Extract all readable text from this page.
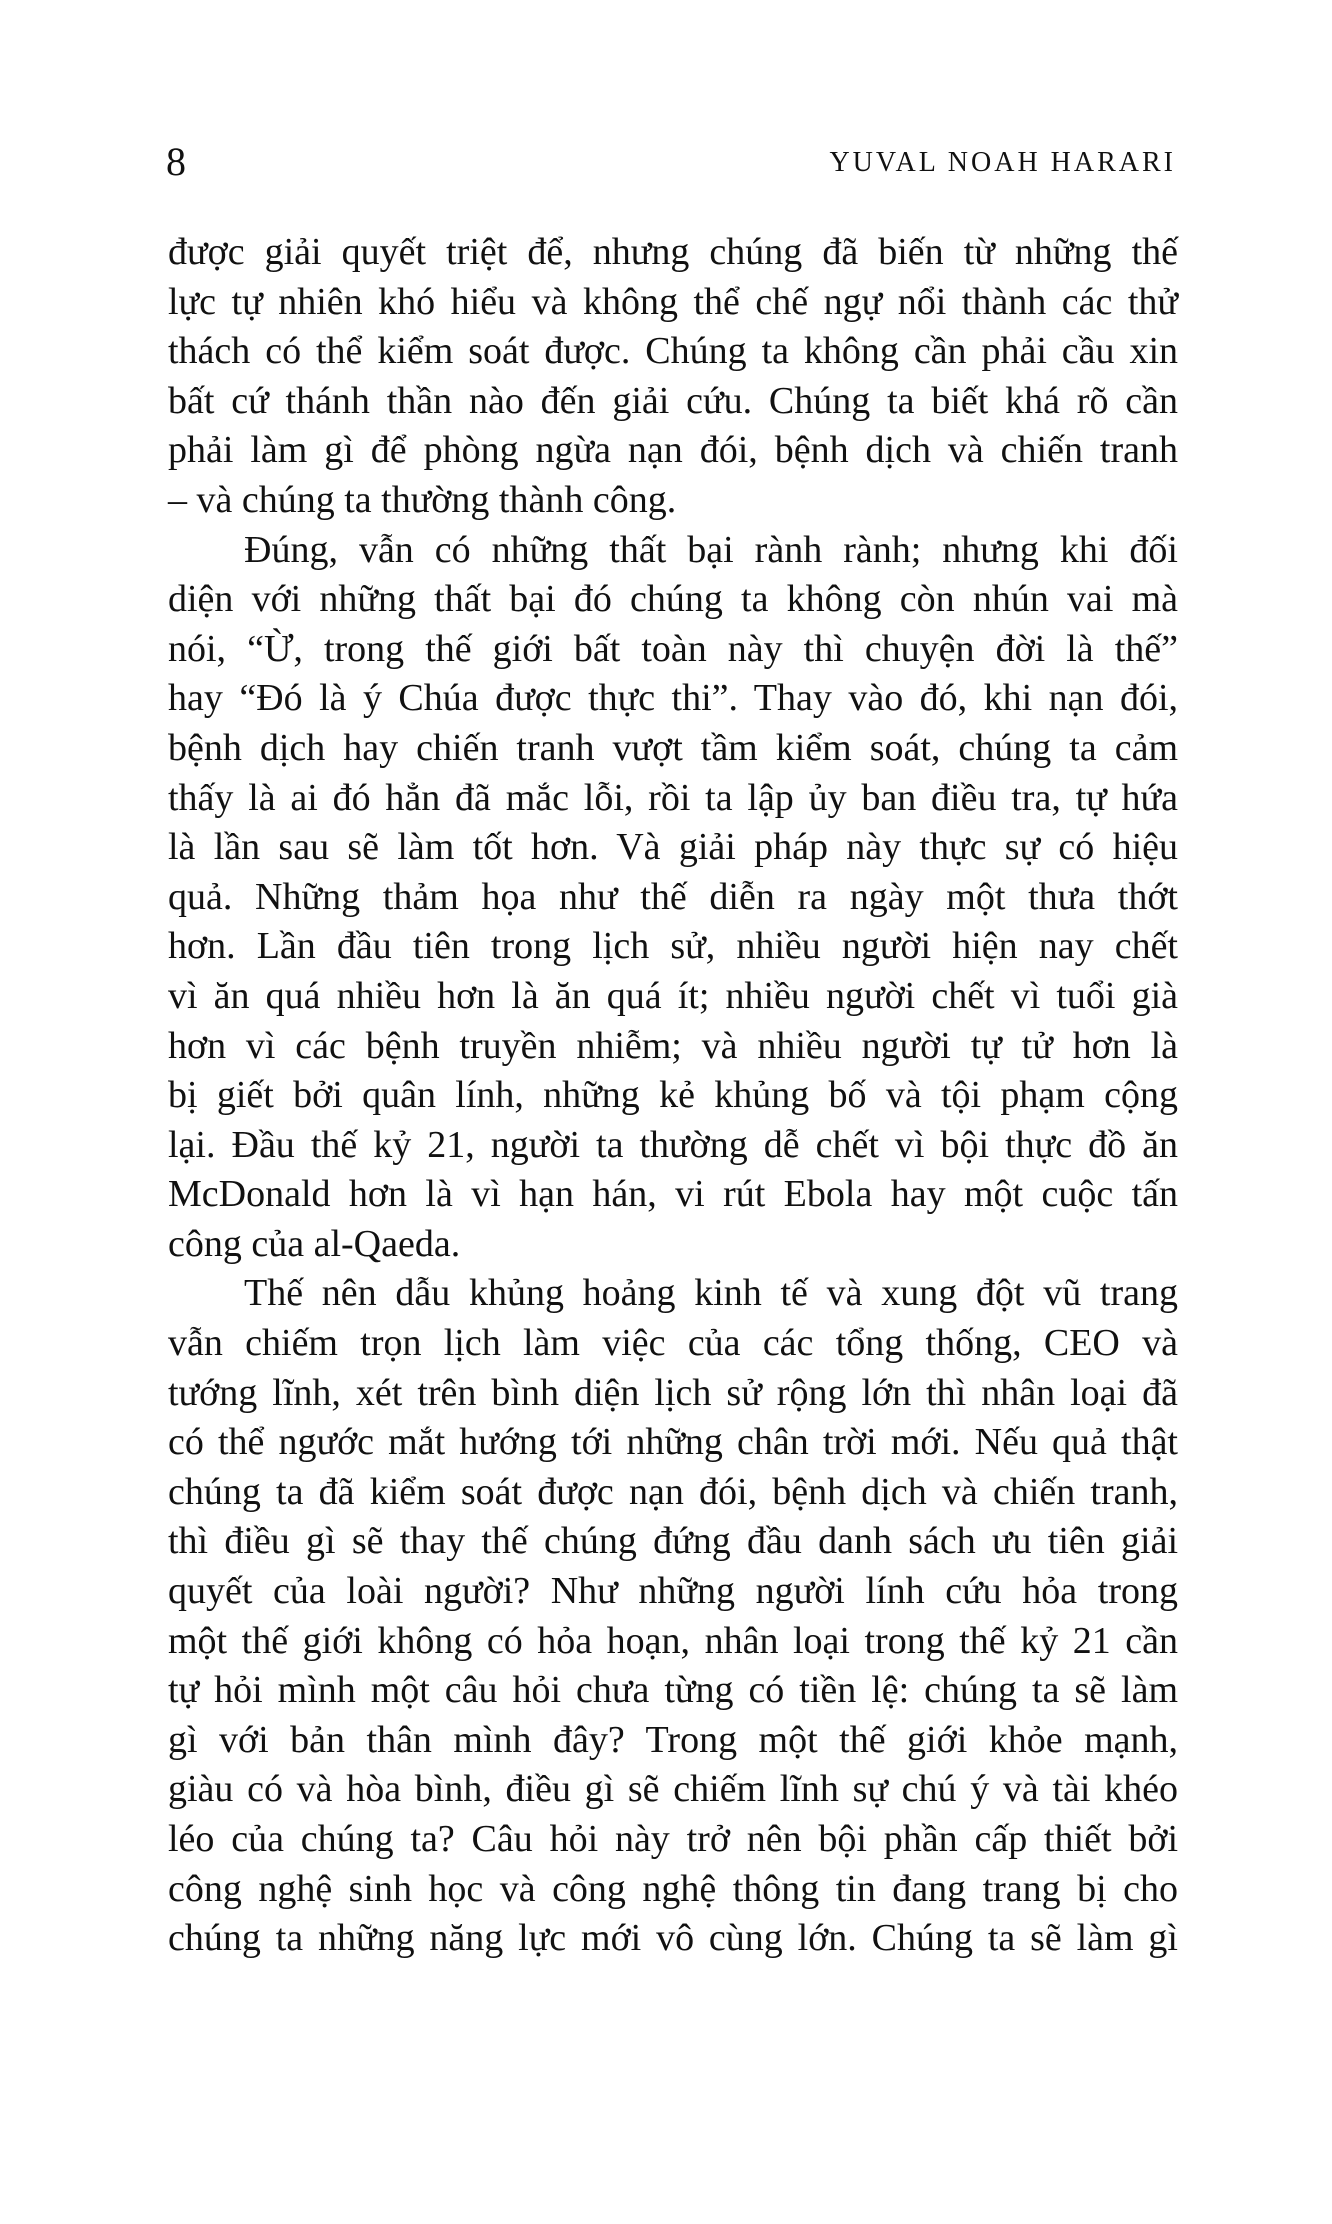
8	YUVAL NOAH HARARI
được giải quyết triệt để, nhưng chúng đã biến từ những thế
lực tự nhiên khó hiểu và không thể chế ngự nổi thành các thử
thách có thể kiểm soát được. Chúng ta không cần phải cầu xin
bất cứ thánh thần nào đến giải cứu. Chúng ta biết khá rõ cần
phải làm gì để phòng ngừa nạn đói, bệnh dịch và chiến tranh
– và chúng ta thường thành công.
Đúng, vẫn có những thất bại rành rành; nhưng khi đối
diện với những thất bại đó chúng ta không còn nhún vai mà
nói, “Ừ, trong thế giới bất toàn này thì chuyện đời là thế”
hay “Đó là ý Chúa được thực thi”. Thay vào đó, khi nạn đói,
bệnh dịch hay chiến tranh vượt tầm kiểm soát, chúng ta cảm
thấy là ai đó hẳn đã mắc lỗi, rồi ta lập ủy ban điều tra, tự hứa
là lần sau sẽ làm tốt hơn. Và giải pháp này thực sự có hiệu
quả. Những thảm họa như thế diễn ra ngày một thưa thớt
hơn. Lần đầu tiên trong lịch sử, nhiều người hiện nay chết
vì ăn quá nhiều hơn là ăn quá ít; nhiều người chết vì tuổi già
hơn vì các bệnh truyền nhiễm; và nhiều người tự tử hơn là
bị giết bởi quân lính, những kẻ khủng bố và tội phạm cộng
lại. Đầu thế kỷ 21, người ta thường dễ chết vì bội thực đồ ăn
McDonald hơn là vì hạn hán, vi rút Ebola hay một cuộc tấn
công của al-Qaeda.
Thế nên dẫu khủng hoảng kinh tế và xung đột vũ trang
vẫn chiếm trọn lịch làm việc của các tổng thống, CEO và
tướng lĩnh, xét trên bình diện lịch sử rộng lớn thì nhân loại đã
có thể ngước mắt hướng tới những chân trời mới. Nếu quả thật
chúng ta đã kiểm soát được nạn đói, bệnh dịch và chiến tranh,
thì điều gì sẽ thay thế chúng đứng đầu danh sách ưu tiên giải
quyết của loài người? Như những người lính cứu hỏa trong
một thế giới không có hỏa hoạn, nhân loại trong thế kỷ 21 cần
tự hỏi mình một câu hỏi chưa từng có tiền lệ: chúng ta sẽ làm
gì với bản thân mình đây? Trong một thế giới khỏe mạnh,
giàu có và hòa bình, điều gì sẽ chiếm lĩnh sự chú ý và tài khéo
léo của chúng ta? Câu hỏi này trở nên bội phần cấp thiết bởi
công nghệ sinh học và công nghệ thông tin đang trang bị cho
chúng ta những năng lực mới vô cùng lớn. Chúng ta sẽ làm gì
